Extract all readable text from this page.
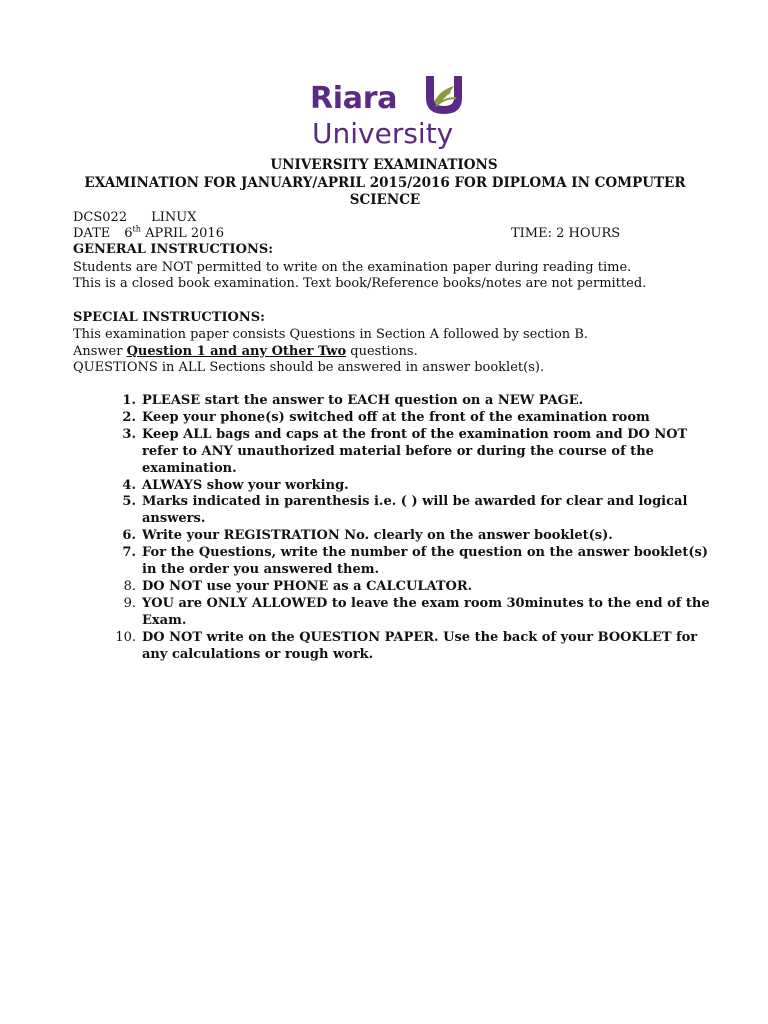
Riara
University
UNIVERSITY EXAMINATIONS
EXAMINATION FOR JANUARY/APRIL 2015/2016 FOR DIPLOMA IN COMPUTER SCIENCE
DCS022 LINUX
DATE 6th APRIL 2016	TIME: 2 HOURS
GENERAL INSTRUCTIONS:
Students are NOT permitted to write on the examination paper during reading time.
This is a closed book examination. Text book/Reference books/notes are not permitted.
SPECIAL INSTRUCTIONS:
This examination paper consists Questions in Section A followed by section B.
Answer Question 1 and any Other Two questions.
QUESTIONS in ALL Sections should be answered in answer booklet(s).
1. PLEASE start the answer to EACH question on a NEW PAGE.
2. Keep your phone(s) switched off at the front of the examination room
3. Keep ALL bags and caps at the front of the examination room and DO NOT refer to ANY unauthorized material before or during the course of the examination.
4. ALWAYS show your working.
5. Marks indicated in parenthesis i.e. ( ) will be awarded for clear and logical answers.
6. Write your REGISTRATION No. clearly on the answer booklet(s).
7. For the Questions, write the number of the question on the answer booklet(s) in the order you answered them.
8. DO NOT use your PHONE as a CALCULATOR.
9. YOU are ONLY ALLOWED to leave the exam room 30minutes to the end of the Exam.
10. DO NOT write on the QUESTION PAPER. Use the back of your BOOKLET for any calculations or rough work.
